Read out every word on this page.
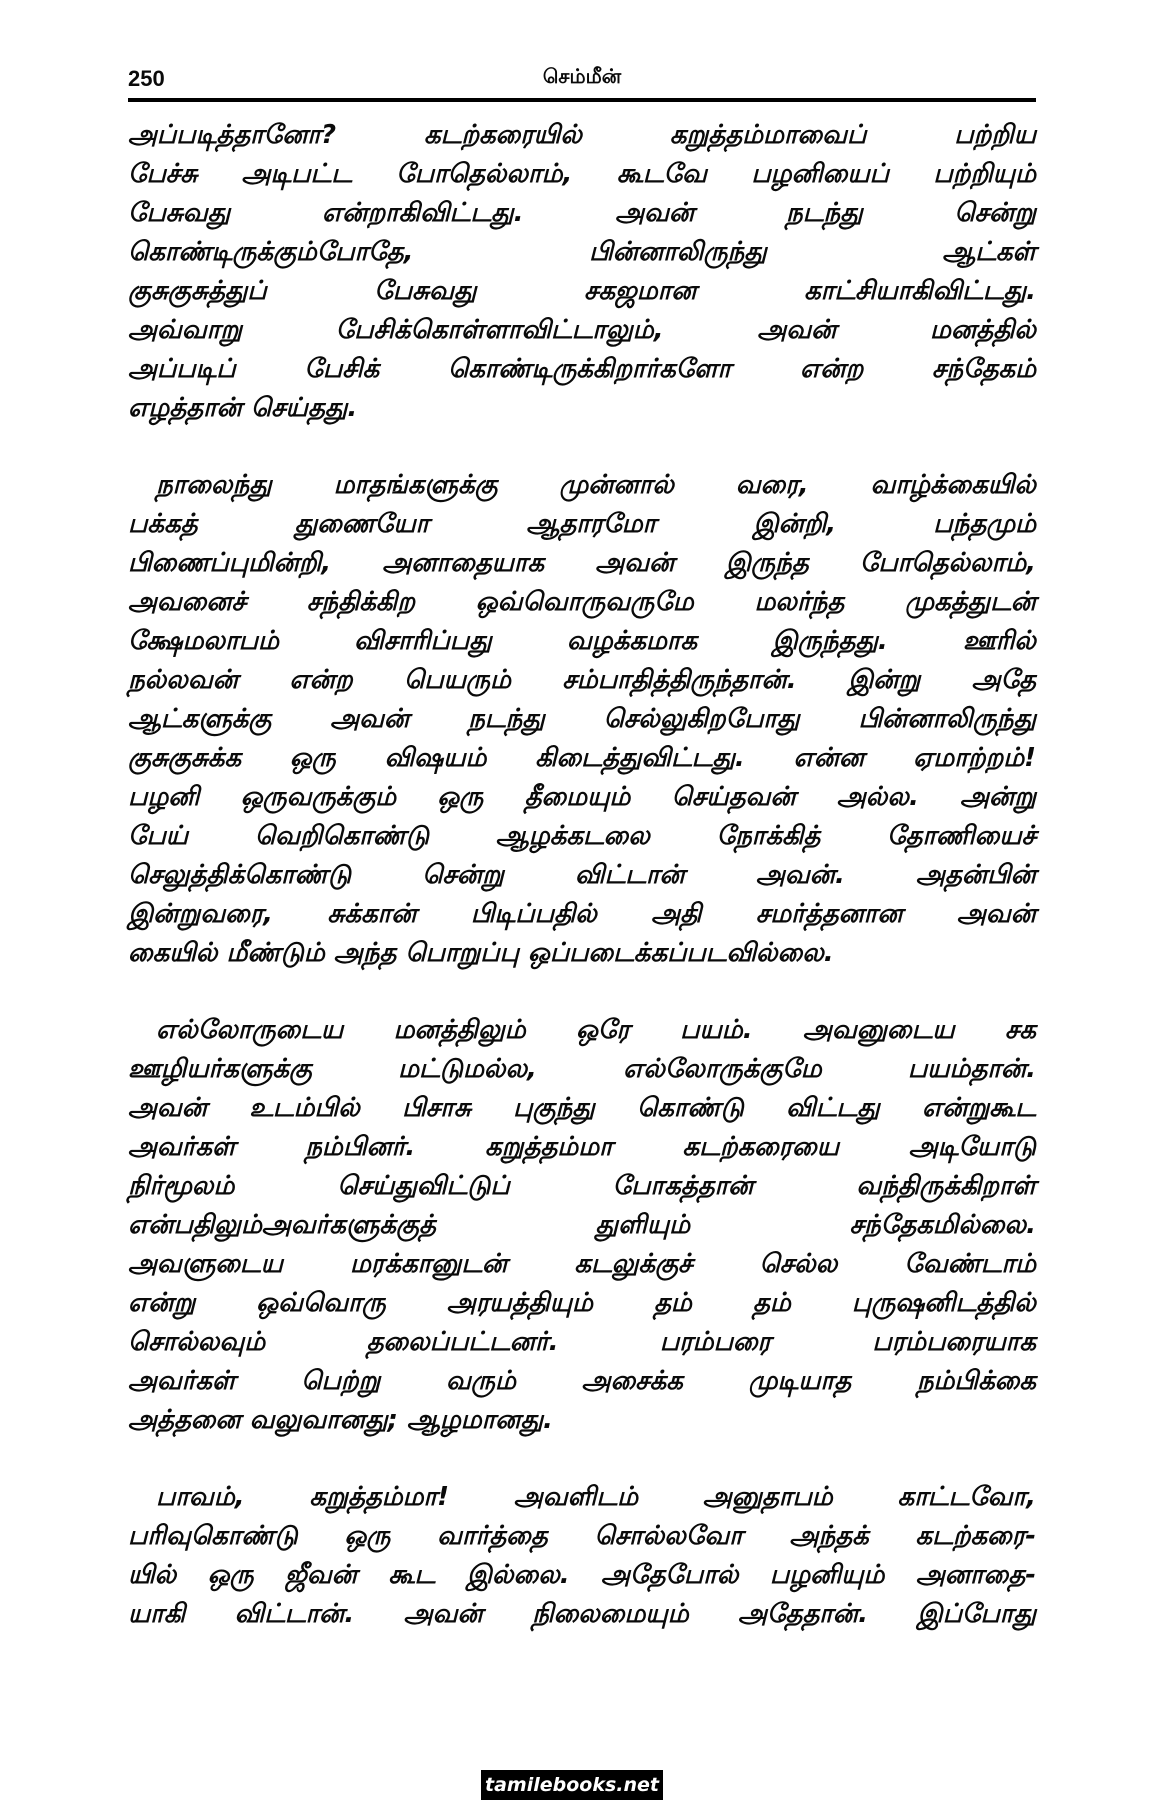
250	செம்மீன்
அப்படித்தானோ? கடற்கரையில் கறுத்தம்மாவைப் பற்றிய
பேச்சு அடிபட்ட போதெல்லாம், கூடவே பழனியைப் பற்றியும்
பேசுவது என்றாகிவிட்டது. அவன் நடந்து சென்று
கொண்டிருக்கும்போதே, பின்னாலிருந்து ஆட்கள்
குசுகுசுத்துப் பேசுவது சகஜமான காட்சியாகிவிட்டது.
அவ்வாறு பேசிக்கொள்ளாவிட்டாலும், அவன் மனத்தில்
அப்படிப் பேசிக் கொண்டிருக்கிறார்களோ என்ற சந்தேகம்
எழத்தான் செய்தது.
நாலைந்து மாதங்களுக்கு முன்னால் வரை, வாழ்க்கையில்
பக்கத் துணையோ ஆதாரமோ இன்றி, பந்தமும்
பிணைப்புமின்றி, அனாதையாக அவன் இருந்த போதெல்லாம்,
அவனைச் சந்திக்கிற ஒவ்வொருவருமே மலர்ந்த முகத்துடன்
க்ஷேமலாபம் விசாரிப்பது வழக்கமாக இருந்தது. ஊரில்
நல்லவன் என்ற பெயரும் சம்பாதித்திருந்தான். இன்று அதே
ஆட்களுக்கு அவன் நடந்து செல்லுகிறபோது பின்னாலிருந்து
குசுகுசுக்க ஒரு விஷயம் கிடைத்துவிட்டது. என்ன ஏமாற்றம்!
பழனி ஒருவருக்கும் ஒரு தீமையும் செய்தவன் அல்ல. அன்று
பேய் வெறிகொண்டு ஆழக்கடலை நோக்கித் தோணியைச்
செலுத்திக்கொண்டு சென்று விட்டான் அவன். அதன்பின்
இன்றுவரை, சுக்கான் பிடிப்பதில் அதி சமர்த்தனான அவன்
கையில் மீண்டும் அந்த பொறுப்பு ஒப்படைக்கப்படவில்லை.
எல்லோருடைய மனத்திலும் ஒரே பயம். அவனுடைய சக
ஊழியர்களுக்கு மட்டுமல்ல, எல்லோருக்குமே பயம்தான்.
அவன் உடம்பில் பிசாசு புகுந்து கொண்டு விட்டது என்றுகூட
அவர்கள் நம்பினர். கறுத்தம்மா கடற்கரையை அடியோடு
நிர்மூலம் செய்துவிட்டுப் போகத்தான் வந்திருக்கிறாள்
என்பதிலும்அவர்களுக்குத் துளியும் சந்தேகமில்லை.
அவளுடைய மரக்கானுடன் கடலுக்குச் செல்ல வேண்டாம்
என்று ஒவ்வொரு அரயத்தியும் தம் தம் புருஷனிடத்தில்
சொல்லவும் தலைப்பட்டனர். பரம்பரை பரம்பரையாக
அவர்கள் பெற்று வரும் அசைக்க முடியாத நம்பிக்கை
அத்தனை வலுவானது; ஆழமானது.
பாவம், கறுத்தம்மா! அவளிடம் அனுதாபம் காட்டவோ,
பரிவுகொண்டு ஒரு வார்த்தை சொல்லவோ அந்தக் கடற்கரை-
யில் ஒரு ஜீவன் கூட இல்லை. அதேபோல் பழனியும் அனாதை-
யாகி விட்டான். அவன் நிலைமையும் அதேதான். இப்போது
tamilebooks.net
